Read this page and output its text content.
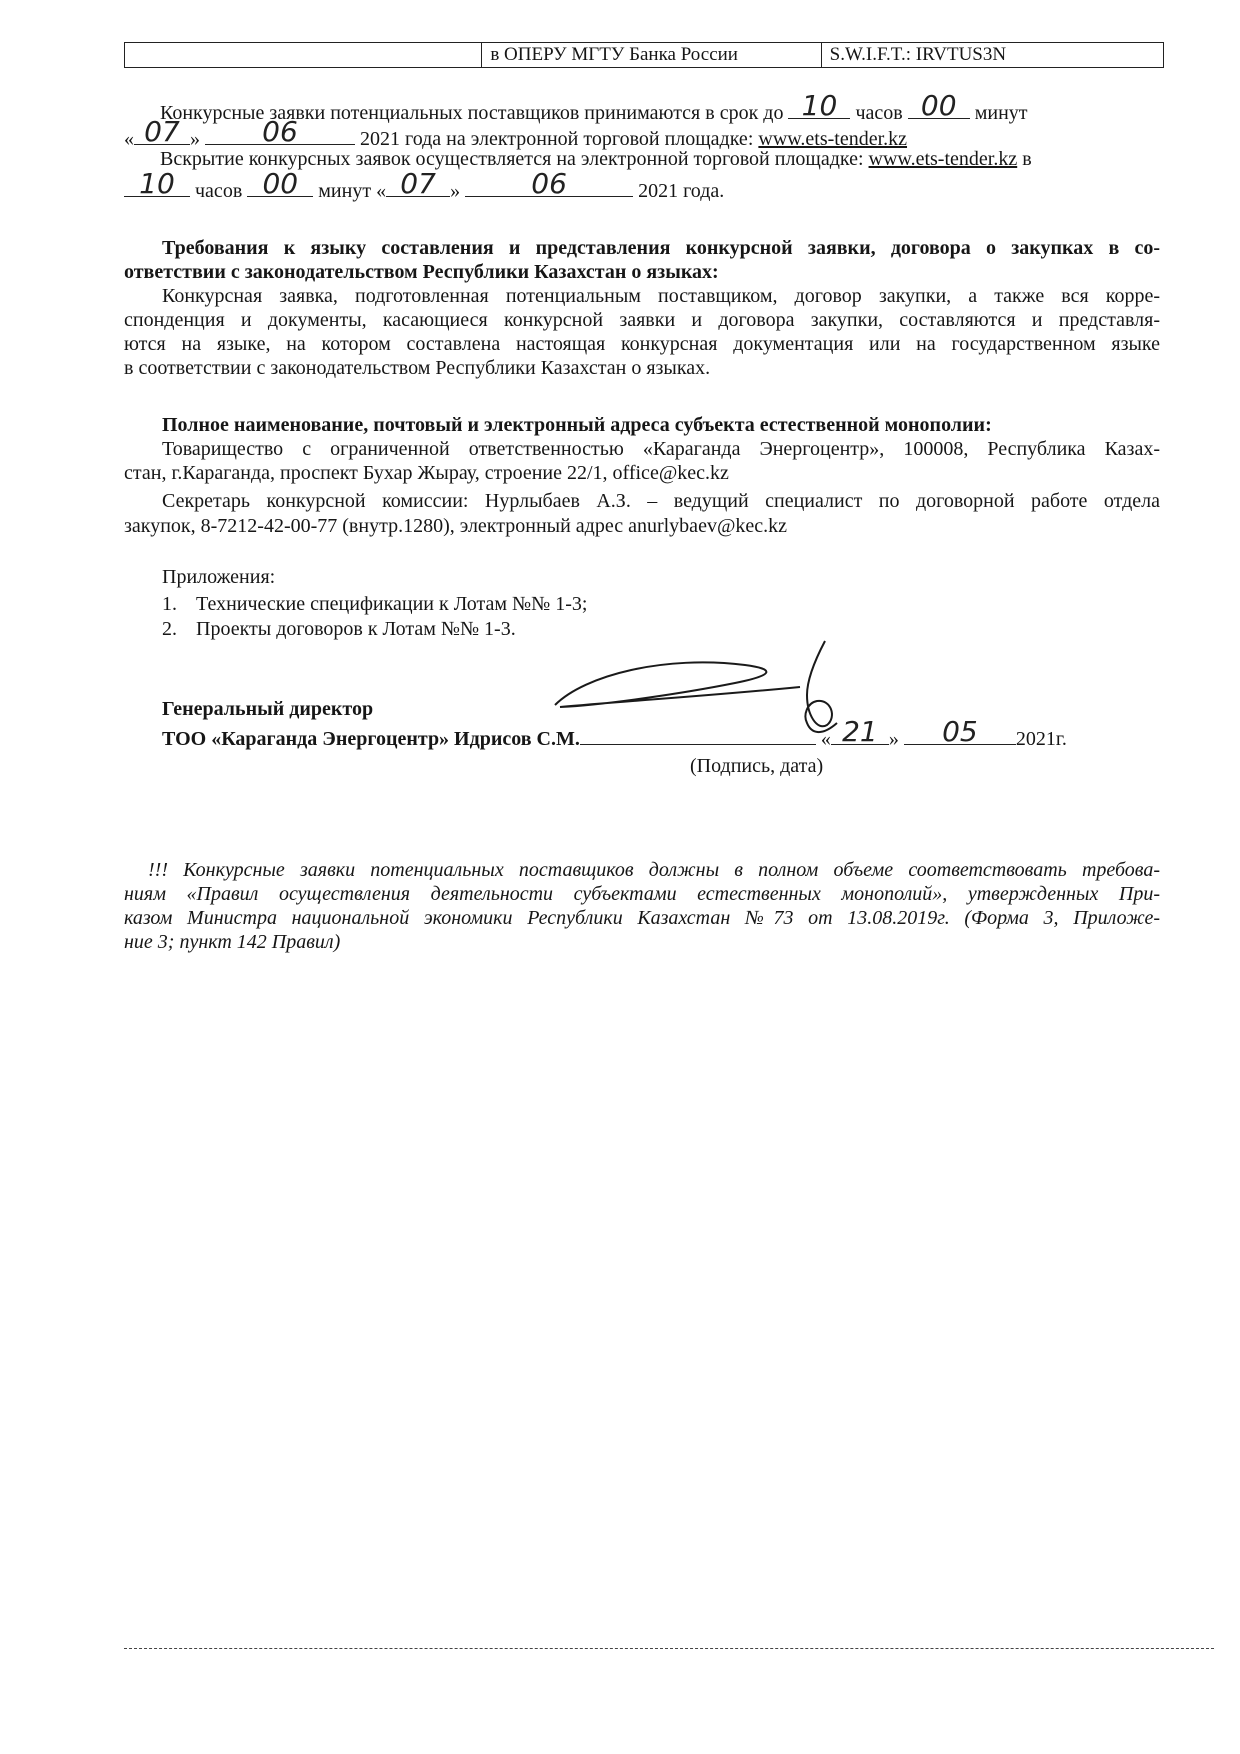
в ОПЕРУ МГТУ Банка России	S.W.I.F.T.: IRVTUS3N
Конкурсные заявки потенциальных поставщиков принимаются в срок до 10 часов 00 минут
« 07 »	06	2021 года на электронной торговой площадке: www.ets-tender.kz
Вскрытие конкурсных заявок осуществляется на электронной торговой площадке: www.ets-tender.kz в
10	часов 00	минут « 07 »	06	2021 года.
Требования к языку составления и представления конкурсной заявки, договора о закупках в со-
ответствии с законодательством Республики Казахстан о языках:
Конкурсная заявка, подготовленная потенциальным поставщиком, договор закупки, а также вся корре-
спонденция и документы, касающиеся конкурсной заявки и договора закупки, составляются и представля-
ются на языке, на котором составлена настоящая конкурсная документация или на государственном языке
в соответствии с законодательством Республики Казахстан о языках.
Полное наименование, почтовый и электронный адреса субъекта естественной монополии:
Товарищество с ограниченной ответственностью «Караганда Энергоцентр», 100008, Республика Казах-
стан, г.Караганда, проспект Бухар Жырау, строение 22/1, office@kec.kz
Секретарь конкурсной комиссии: Нурлыбаев А.З. – ведущий специалист по договорной работе отдела
закупок, 8-7212-42-00-77 (внутр.1280), электронный адрес anurlybaev@kec.kz
Приложения:
1. Технические спецификации к Лотам №№ 1-3;
2. Проекты договоров к Лотам №№ 1-3.
Генеральный директор
ТОО «Караганда Энергоцентр» Идрисов С.М.	« 21 »	05	2021г.
(Подпись, дата)
!!! Конкурсные заявки потенциальных поставщиков должны в полном объеме соответствовать требова-
ниям «Правил осуществления деятельности субъектами естественных монополий», утвержденных При-
казом Министра национальной экономики Республики Казахстан №73 от 13.08.2019г. (Форма 3, Приложе-
ние 3; пункт 142 Правил)
